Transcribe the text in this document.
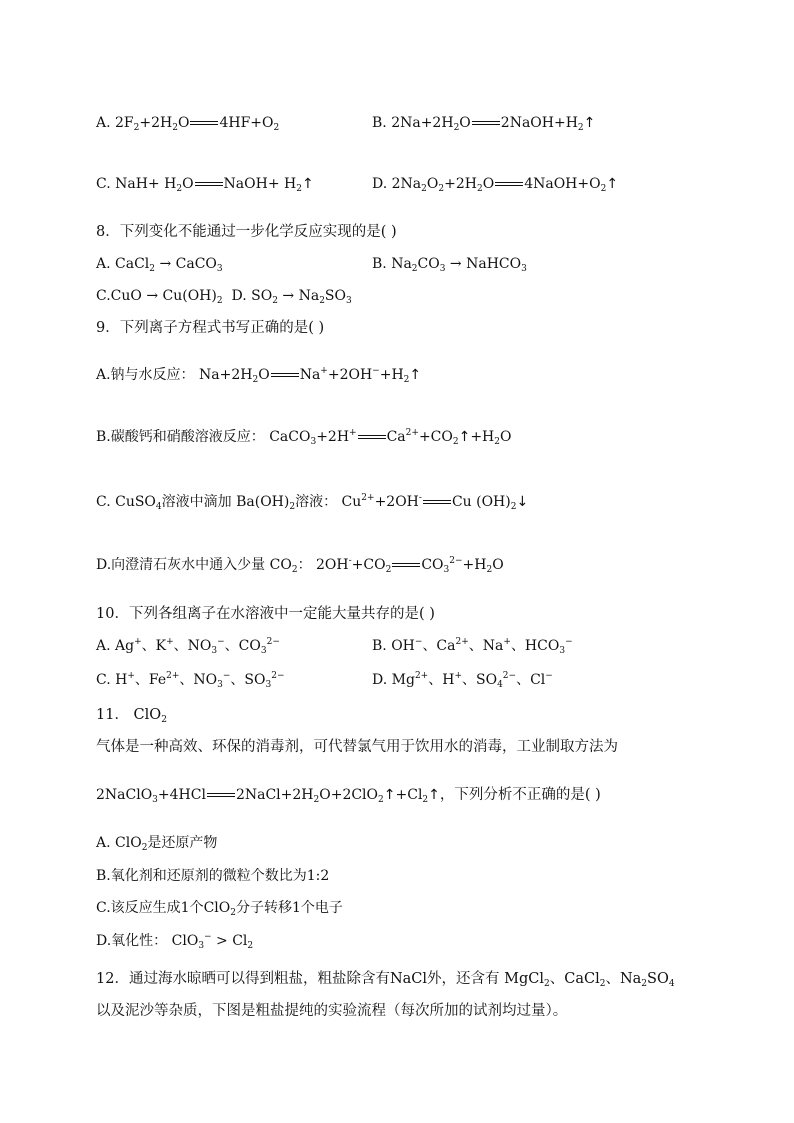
A. $2F_2+2H_2O$ $4HF+O_2$	B. $2Na+2H_2O$ $2NaOH+H_2↑$
C. $NaH+ H_2O$ NaOH+ $H_2↑$	D. $2Na_2O_2+2H_2O$ $4NaOH+O_2↑$
8．下列变化不能通过一步化学反应实现的是( )
A. CaCl$_2$ → CaCO$_3$	B. $Na_2CO_3$ → NaHCO$_3$
$C.CuO \to Cu(OH)_2$ D. $SO_2 \to Na_2SO_3$
9．下列离子方程式书写正确的是( )
A.钠与水反应： $Na+2H_2O$ $Na^++2OH^-+H_2↑$
B.碳酸钙和硝酸溶液反应： CaCO$_3$+2H+ $Ca^{2+}+CO_2↑+H_2O$
C. CuSO$_4$溶液中滴加 $Ba(OH)_2$溶液： $Cu^{2+}+2OH^-$ Cu $(OH)_2↓$
D.向澄清石灰水中通入少量 $CO_2$： $2OH^-+CO_2$ $CO_3^{2-}+H_2O$
10．下列各组离子在水溶液中一定能大量共存的是( )
A. Ag+、K+、$NO_3^-$、$CO_3^{2-}$	B. OH−、$Ca^{2+}$、Na+、$HCO_3^-$
C. H+、$Fe^{2+}$、$NO_3^-$、$SO_3^{2-}$	D. $Mg^{2+}$、H+、$SO_4^{2-}$、Cl−
11． ClO$_2$
气体是一种高效、环保的消毒剂，可代替氯气用于饮用水的消毒，工业制取方法为
2NaClO$_3$+4HCl $2NaCl+2H_2O+2ClO_2↑+Cl_2↑$，下列分析不正确的是( )
A. ClO$_2$是还原产物
B.氧化剂和还原剂的微粒个数比为1:2
C.该反应生成1个ClO$_2$分子转移1个电子
D.氧化性： $ClO_3^- > Cl_2$
12．通过海水晾晒可以得到粗盐，粗盐除含有NaCl外，还含有 MgCl$_2$、CaCl$_2$、$Na_2SO_4$
以及泥沙等杂质，下图是粗盐提纯的实验流程（每次所加的试剂均过量）。
